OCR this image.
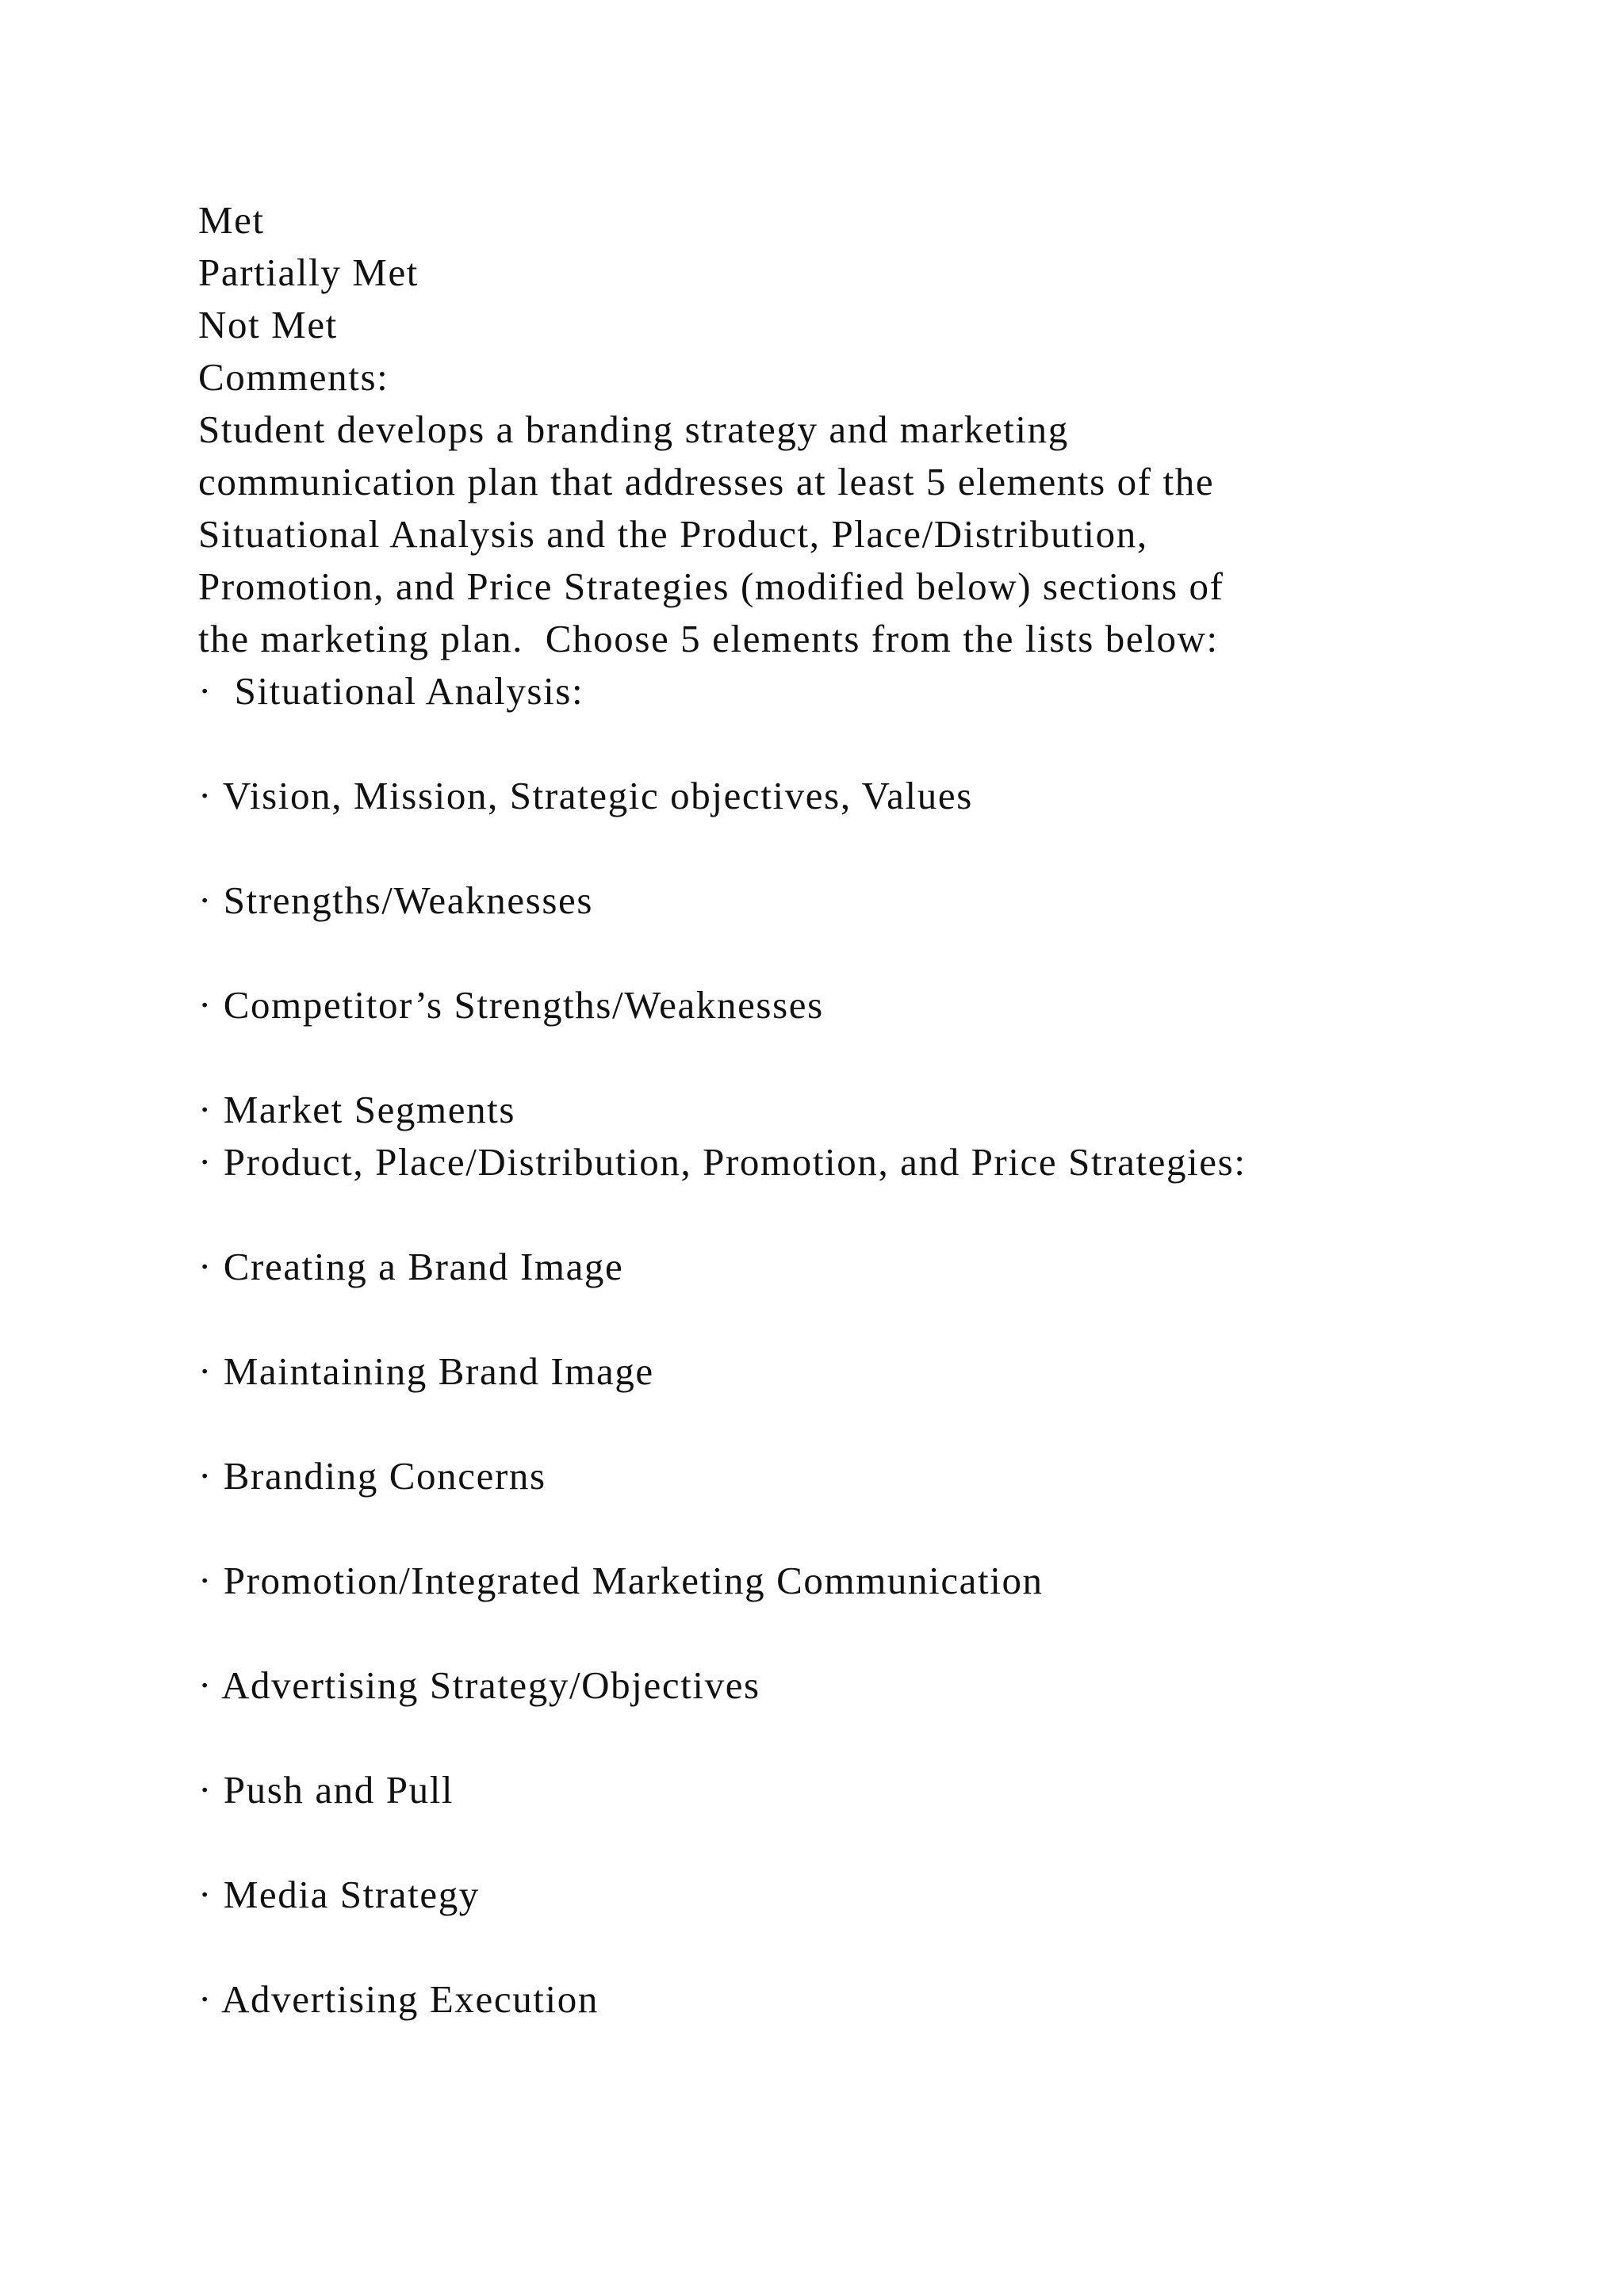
Met

Partially Met

Not Met

Comments:

Student develops a branding strategy and marketing

communication plan that addresses at least 5 elements of the

Situational Analysis and the Product, Place/Distribution,

Promotion, and Price Strategies (modified below) sections of

the marketing plan.  Choose 5 elements from the lists below:

·  Situational Analysis:

· Vision, Mission, Strategic objectives, Values

· Strengths/Weaknesses

· Competitor’s Strengths/Weaknesses

· Market Segments

· Product, Place/Distribution, Promotion, and Price Strategies:

· Creating a Brand Image

· Maintaining Brand Image

· Branding Concerns

· Promotion/Integrated Marketing Communication

· Advertising Strategy/Objectives

· Push and Pull

· Media Strategy

· Advertising Execution
